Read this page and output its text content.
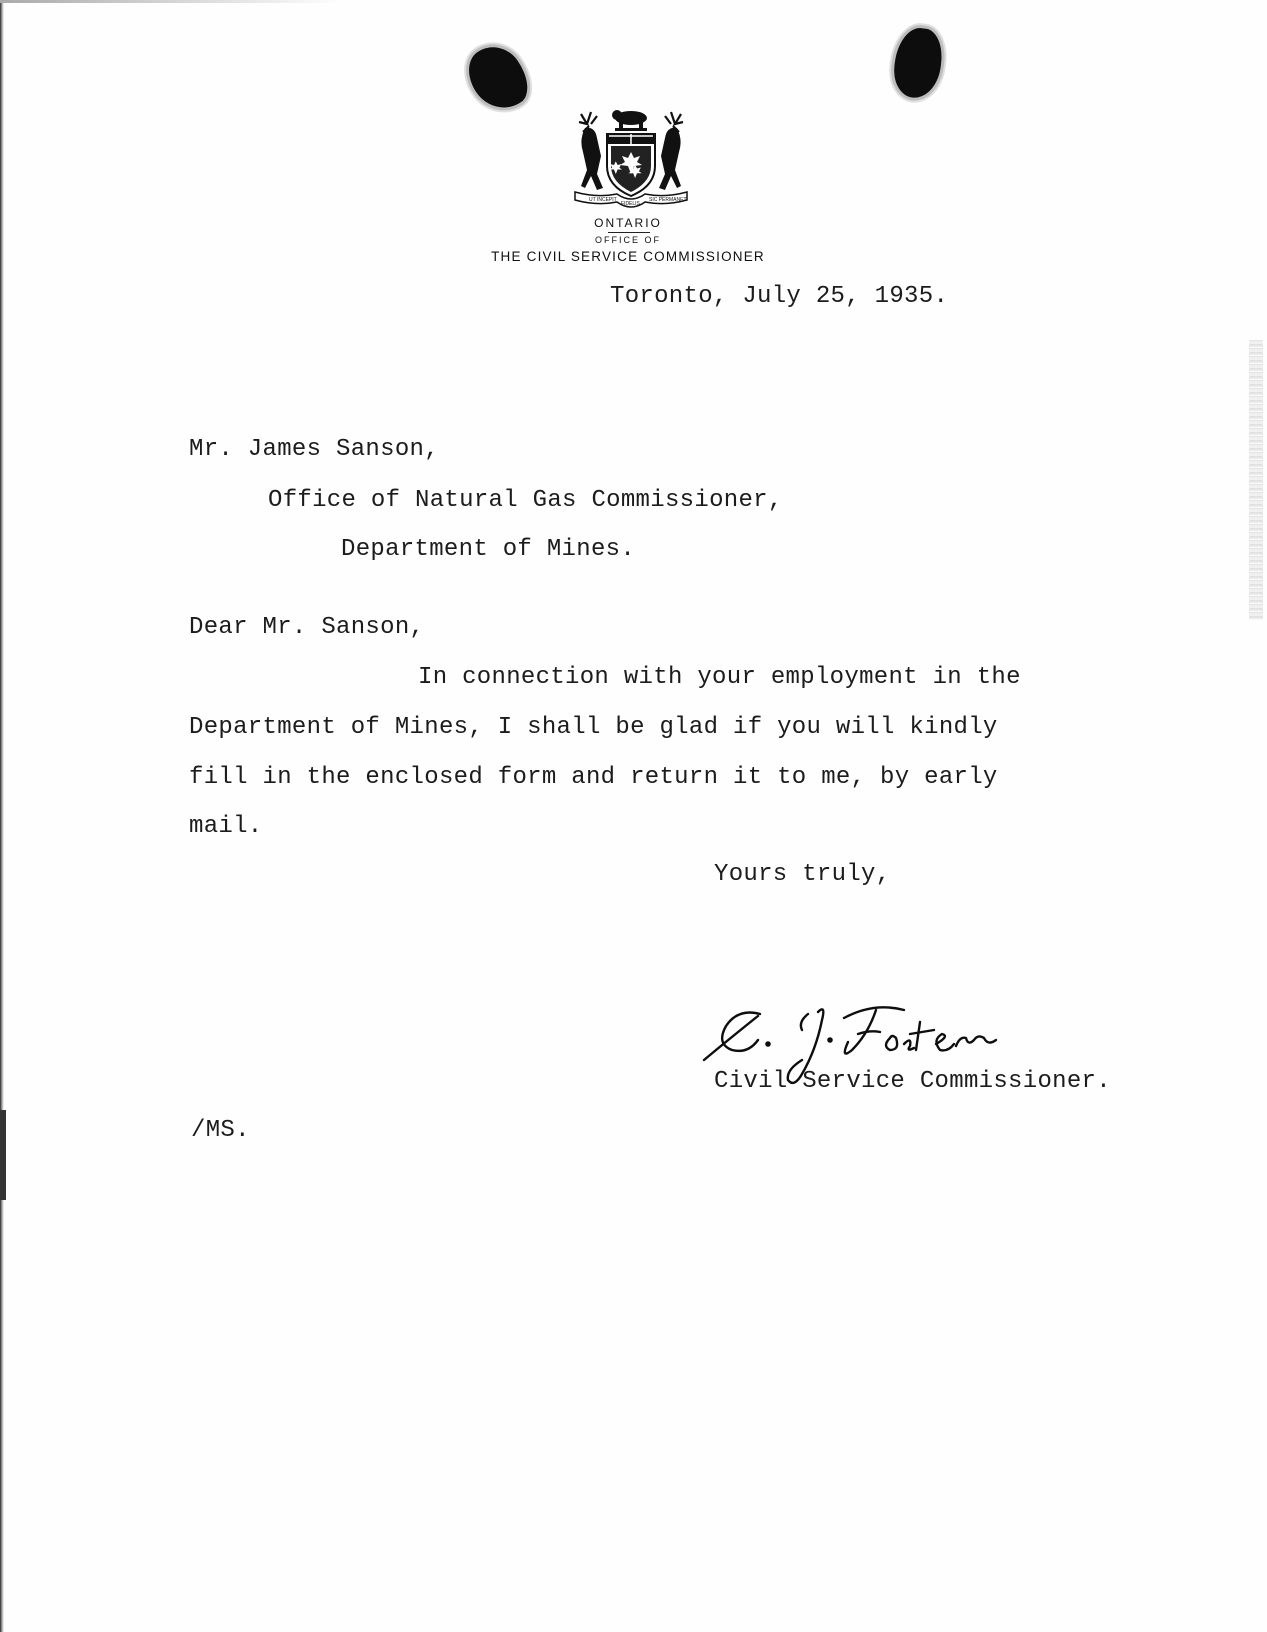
UT INCEPIT
FIDELIS
SIC PERMANET
ONTARIO
OFFICE OF
THE CIVIL SERVICE COMMISSIONER
Toronto, July 25, 1935.
Mr. James Sanson,
Office of Natural Gas Commissioner,
Department of Mines.
Dear Mr. Sanson,
In connection with your employment in the
Department of Mines, I shall be glad if you will kindly
fill in the enclosed form and return it to me, by early
mail.
Yours truly,
Civil Service Commissioner.
/MS.
